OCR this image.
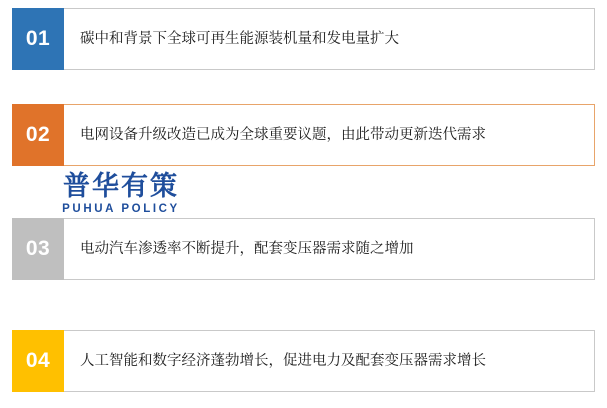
01 碳中和背景下全球可再生能源装机量和发电量扩大
02 电网设备升级改造已成为全球重要议题，由此带动更新迭代需求
03 电动汽车渗透率不断提升，配套变压器需求随之增加
04 人工智能和数字经济蓬勃增长，促进电力及配套变压器需求增长
普华有策
PUHUA POLICY
